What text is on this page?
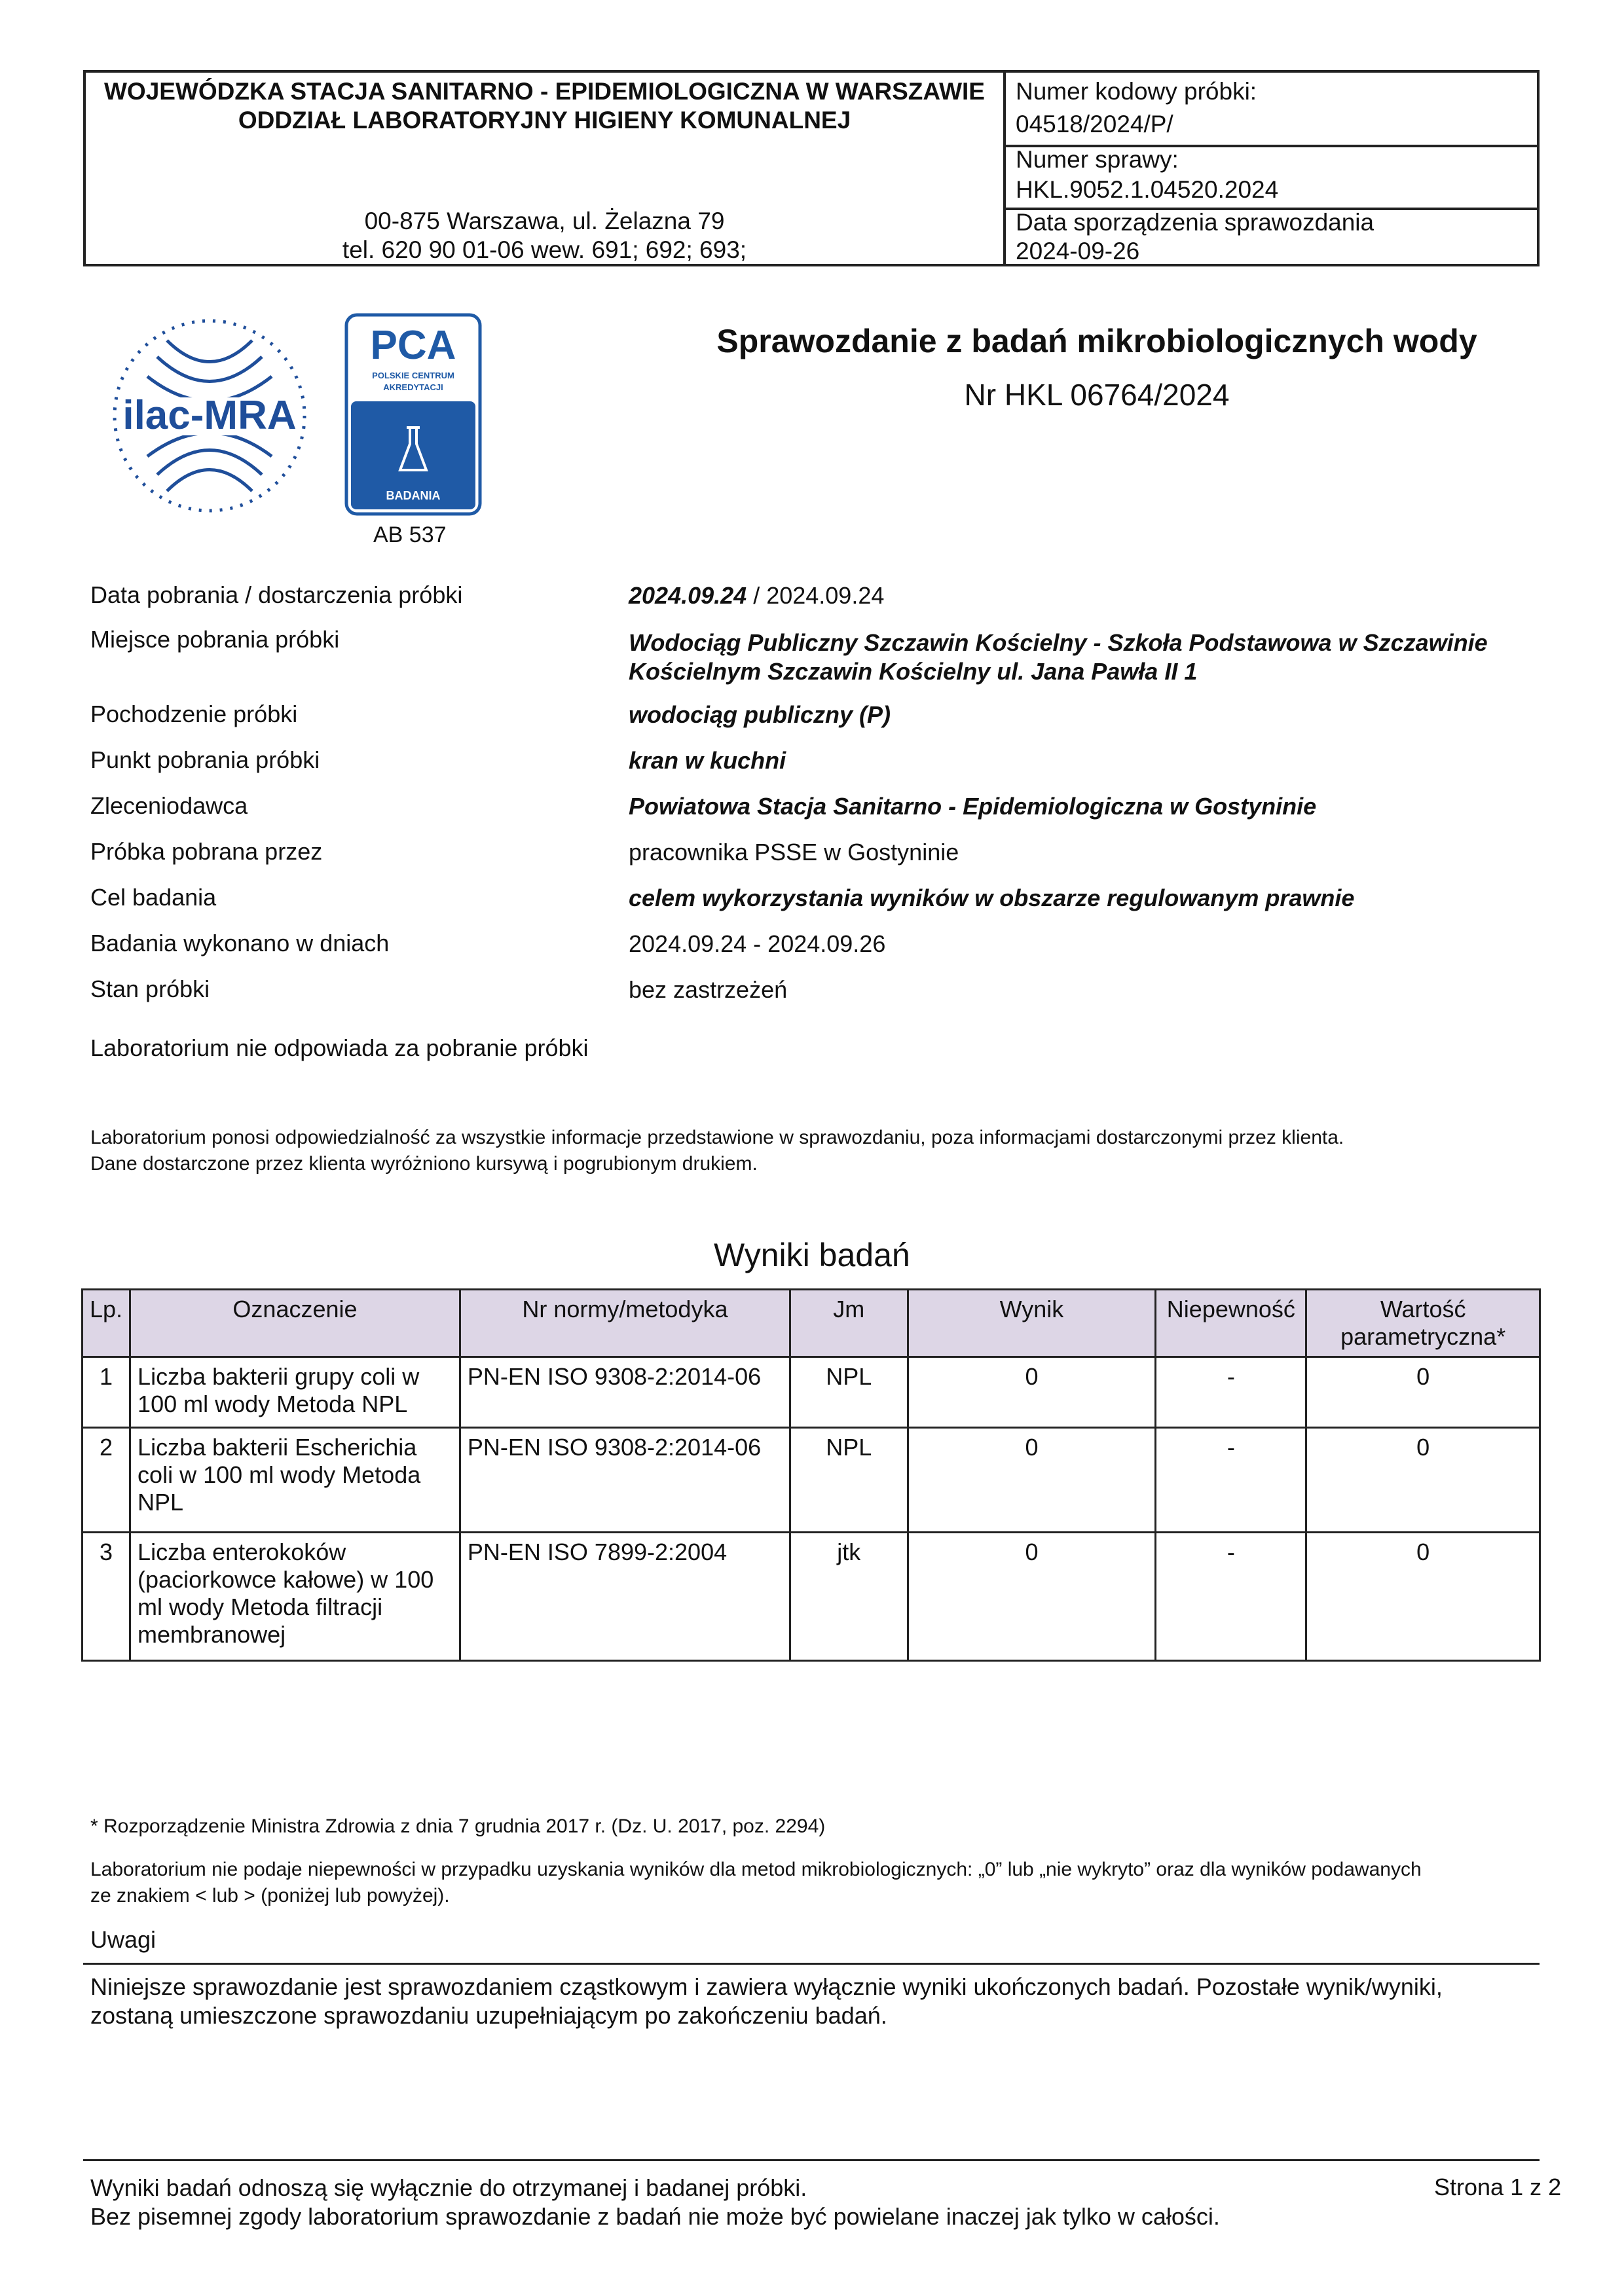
WOJEWÓDZKA STACJA SANITARNO - EPIDEMIOLOGICZNA W WARSZAWIE
ODDZIAŁ LABORATORYJNY HIGIENY KOMUNALNEJ
00-875 Warszawa, ul. Żelazna 79
tel. 620 90 01-06 wew. 691; 692; 693;
Numer kodowy próbki:
04518/2024/P/
Numer sprawy:
HKL.9052.1.04520.2024
Data sporządzenia sprawozdania
2024-09-26
ilac-MRA
PCA
POLSKIE CENTRUM
AKREDYTACJI
BADANIA
AB 537
Sprawozdanie z badań mikrobiologicznych wody
Nr HKL 06764/2024
Data pobrania / dostarczenia próbki	2024.09.24 / 2024.09.24
Miejsce pobrania próbki	Wodociąg Publiczny Szczawin Kościelny - Szkoła Podstawowa w Szczawinie
Kościelnym Szczawin Kościelny ul. Jana Pawła II 1
Pochodzenie próbki	wodociąg publiczny (P)
Punkt pobrania próbki	kran w kuchni
Zleceniodawca	Powiatowa Stacja Sanitarno - Epidemiologiczna w Gostyninie
Próbka pobrana przez	pracownika PSSE w Gostyninie
Cel badania	celem wykorzystania wyników w obszarze regulowanym prawnie
Badania wykonano w dniach	2024.09.24 - 2024.09.26
Stan próbki	bez zastrzeżeń
Laboratorium nie odpowiada za pobranie próbki
Laboratorium ponosi odpowiedzialność za wszystkie informacje przedstawione w sprawozdaniu, poza informacjami dostarczonymi przez klienta.
Dane dostarczone przez klienta wyróżniono kursywą i pogrubionym drukiem.
Wyniki badań
Lp.	Oznaczenie	Nr normy/metodyka	Jm	Wynik	Niepewność	Wartość parametryczna*
1	Liczba bakterii grupy coli w 100 ml wody Metoda NPL	PN-EN ISO 9308-2:2014-06	NPL	0	-	0
2	Liczba bakterii Escherichia coli w 100 ml wody Metoda NPL	PN-EN ISO 9308-2:2014-06	NPL	0	-	0
3	Liczba enterokoków (paciorkowce kałowe) w 100 ml wody Metoda filtracji membranowej	PN-EN ISO 7899-2:2004	jtk	0	-	0
* Rozporządzenie Ministra Zdrowia z dnia 7 grudnia 2017 r. (Dz. U. 2017, poz. 2294)
Laboratorium nie podaje niepewności w przypadku uzyskania wyników dla metod mikrobiologicznych: „0” lub „nie wykryto” oraz dla wyników podawanych
ze znakiem < lub > (poniżej lub powyżej).
Uwagi
Niniejsze sprawozdanie jest sprawozdaniem cząstkowym i zawiera wyłącznie wyniki ukończonych badań. Pozostałe wynik/wyniki,
zostaną umieszczone sprawozdaniu uzupełniającym po zakończeniu badań.
Wyniki badań odnoszą się wyłącznie do otrzymanej i badanej próbki.
Bez pisemnej zgody laboratorium sprawozdanie z badań nie może być powielane inaczej jak tylko w całości.
Strona 1 z 2
